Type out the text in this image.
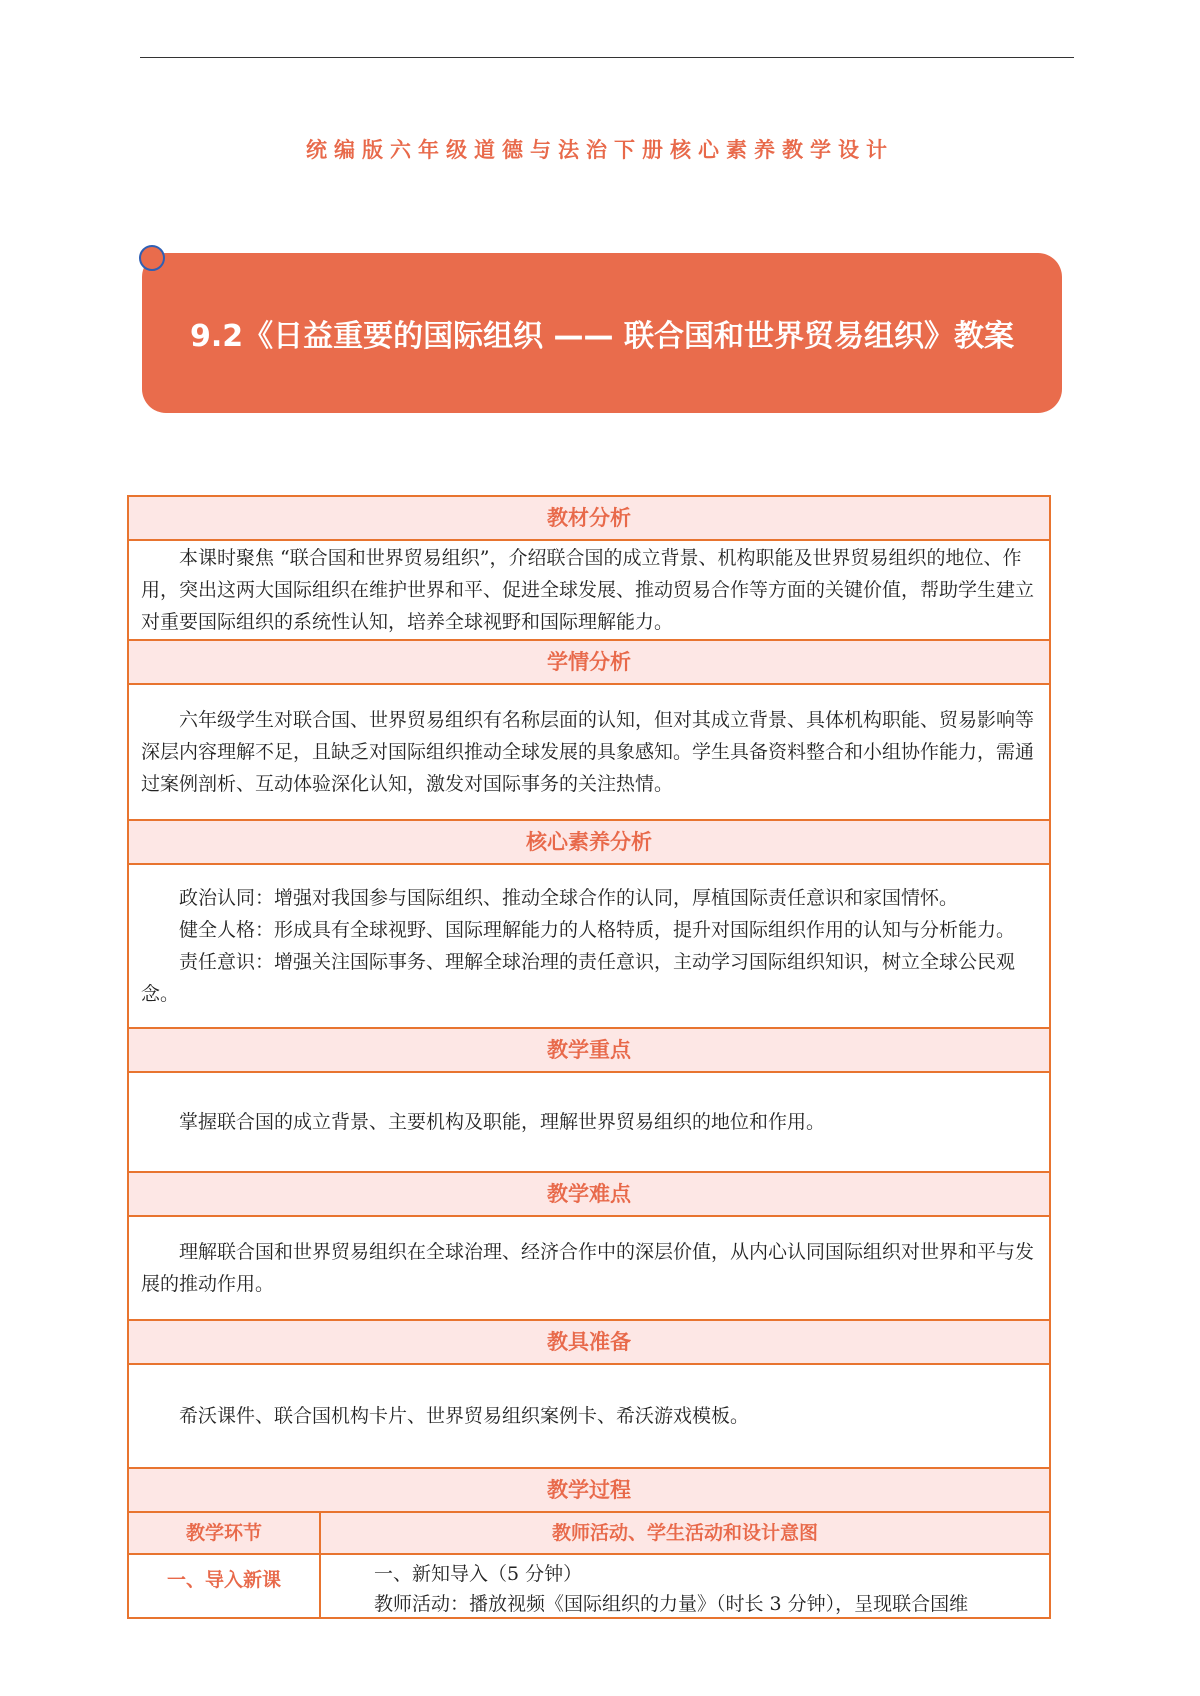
统编版六年级道德与法治下册核心素养教学设计
9.2《日益重要的国际组织 —— 联合国和世界贸易组织》教案
教材分析

本课时聚焦 “联合国和世界贸易组织”，介绍联合国的成立背景、机构职能及世界贸易组织的地位、作用，突出这两大国际组织在维护世界和平、促进全球发展、推动贸易合作等方面的关键价值，帮助学生建立对重要国际组织的系统性认知，培养全球视野和国际理解能力。

学情分析

六年级学生对联合国、世界贸易组织有名称层面的认知，但对其成立背景、具体机构职能、贸易影响等深层内容理解不足，且缺乏对国际组织推动全球发展的具象感知。学生具备资料整合和小组协作能力，需通过案例剖析、互动体验深化认知，激发对国际事务的关注热情。

核心素养分析

政治认同：增强对我国参与国际组织、推动全球合作的认同，厚植国际责任意识和家国情怀。

健全人格：形成具有全球视野、国际理解能力的人格特质，提升对国际组织作用的认知与分析能力。

责任意识：增强关注国际事务、理解全球治理的责任意识，主动学习国际组织知识，树立全球公民观念。

教学重点

掌握联合国的成立背景、主要机构及职能，理解世界贸易组织的地位和作用。

教学难点

理解联合国和世界贸易组织在全球治理、经济合作中的深层价值，从内心认同国际组织对世界和平与发展的推动作用。

教具准备

希沃课件、联合国机构卡片、世界贸易组织案例卡、希沃游戏模板。

教学过程
教学环节	教师活动、学生活动和设计意图
一、导入新课	一、新知导入（5 分钟）
教师活动：播放视频《国际组织的力量》（时长 3 分钟），呈现联合国维
